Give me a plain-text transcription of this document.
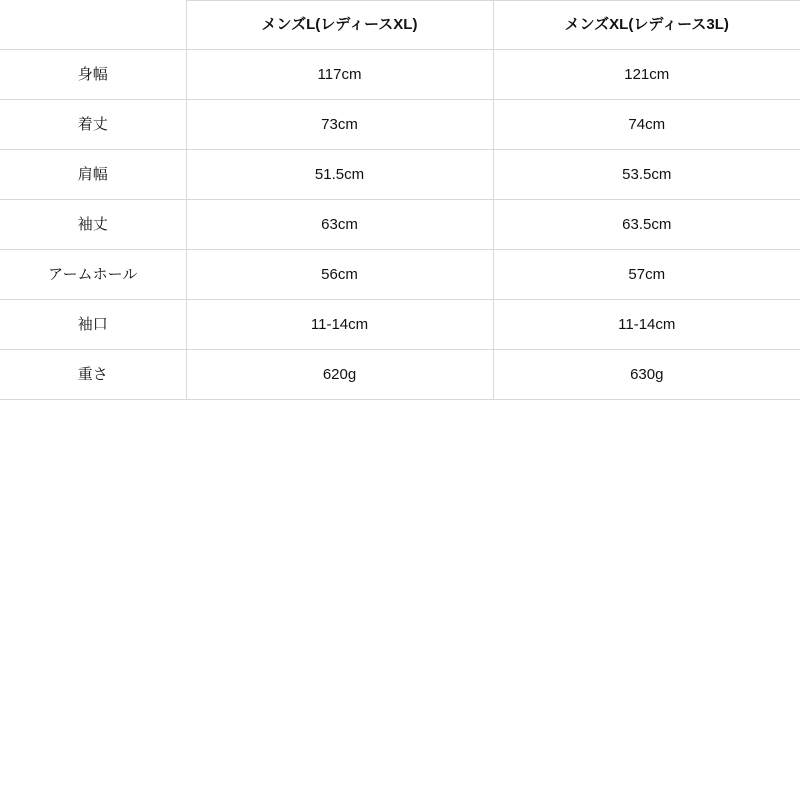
	メンズL(レディースXL)	メンズXL(レディース3L)
身幅	117cm	121cm
着丈	73cm	74cm
肩幅	51.5cm	53.5cm
袖丈	63cm	63.5cm
アームホール	56cm	57cm
袖口	11-14cm	11-14cm
重さ	620g	630g
